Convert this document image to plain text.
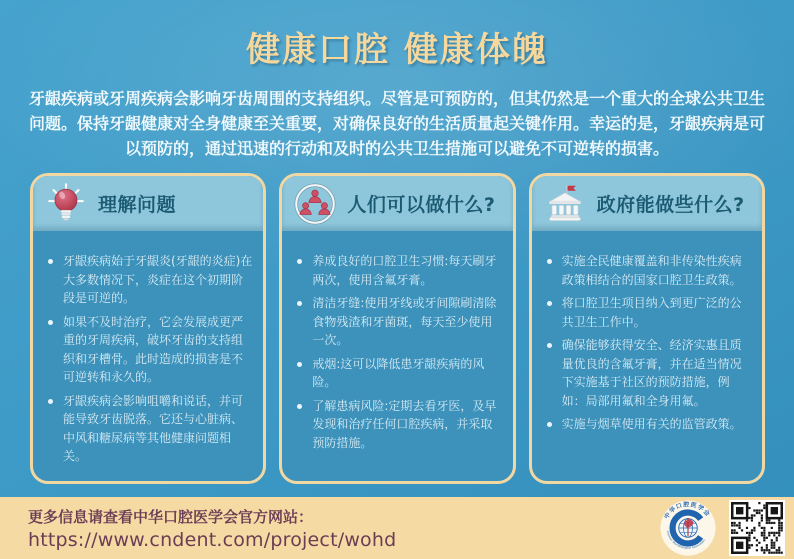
健康口腔 健康体魄

牙龈疾病或牙周疾病会影响牙齿周围的支持组织。尽管是可预防的，但其仍然是一个重大的全球公共卫生问题。保持牙龈健康对全身健康至关重要，对确保良好的生活质量起关键作用。幸运的是，牙龈疾病是可以预防的，通过迅速的行动和及时的公共卫生措施可以避免不可逆转的损害。

理解问题
牙龈疾病始于牙龈炎(牙龈的炎症)在大多数情况下，炎症在这个初期阶段是可逆的。
如果不及时治疗，它会发展成更严重的牙周疾病，破坏牙齿的支持组织和牙槽骨。此时造成的损害是不可逆转和永久的。
牙龈疾病会影响咀嚼和说话，并可能导致牙齿脱落。它还与心脏病、中风和糖尿病等其他健康问题相关。
人们可以做什么?
养成良好的口腔卫生习惯:每天刷牙两次，使用含氟牙膏。
清洁牙缝:使用牙线或牙间隙刷清除食物残渣和牙菌斑，每天至少使用一次。
戒烟:这可以降低患牙龈疾病的风险。
了解患病风险:定期去看牙医，及早发现和治疗任何口腔疾病，并采取预防措施。
政府能做些什么?
实施全民健康覆盖和非传染性疾病政策相结合的国家口腔卫生政策。
将口腔卫生项目纳入到更广泛的公共卫生工作中。
确保能够获得安全、经济实惠且质量优良的含氟牙膏，并在适当情况下实施基于社区的预防措施，例如：局部用氟和全身用氟。
实施与烟草使用有关的监管政策。
更多信息请查看中华口腔医学会官方网站：
https://www.cndent.com/project/wohd
中华口腔医学会
Chinese Stomatological Association
